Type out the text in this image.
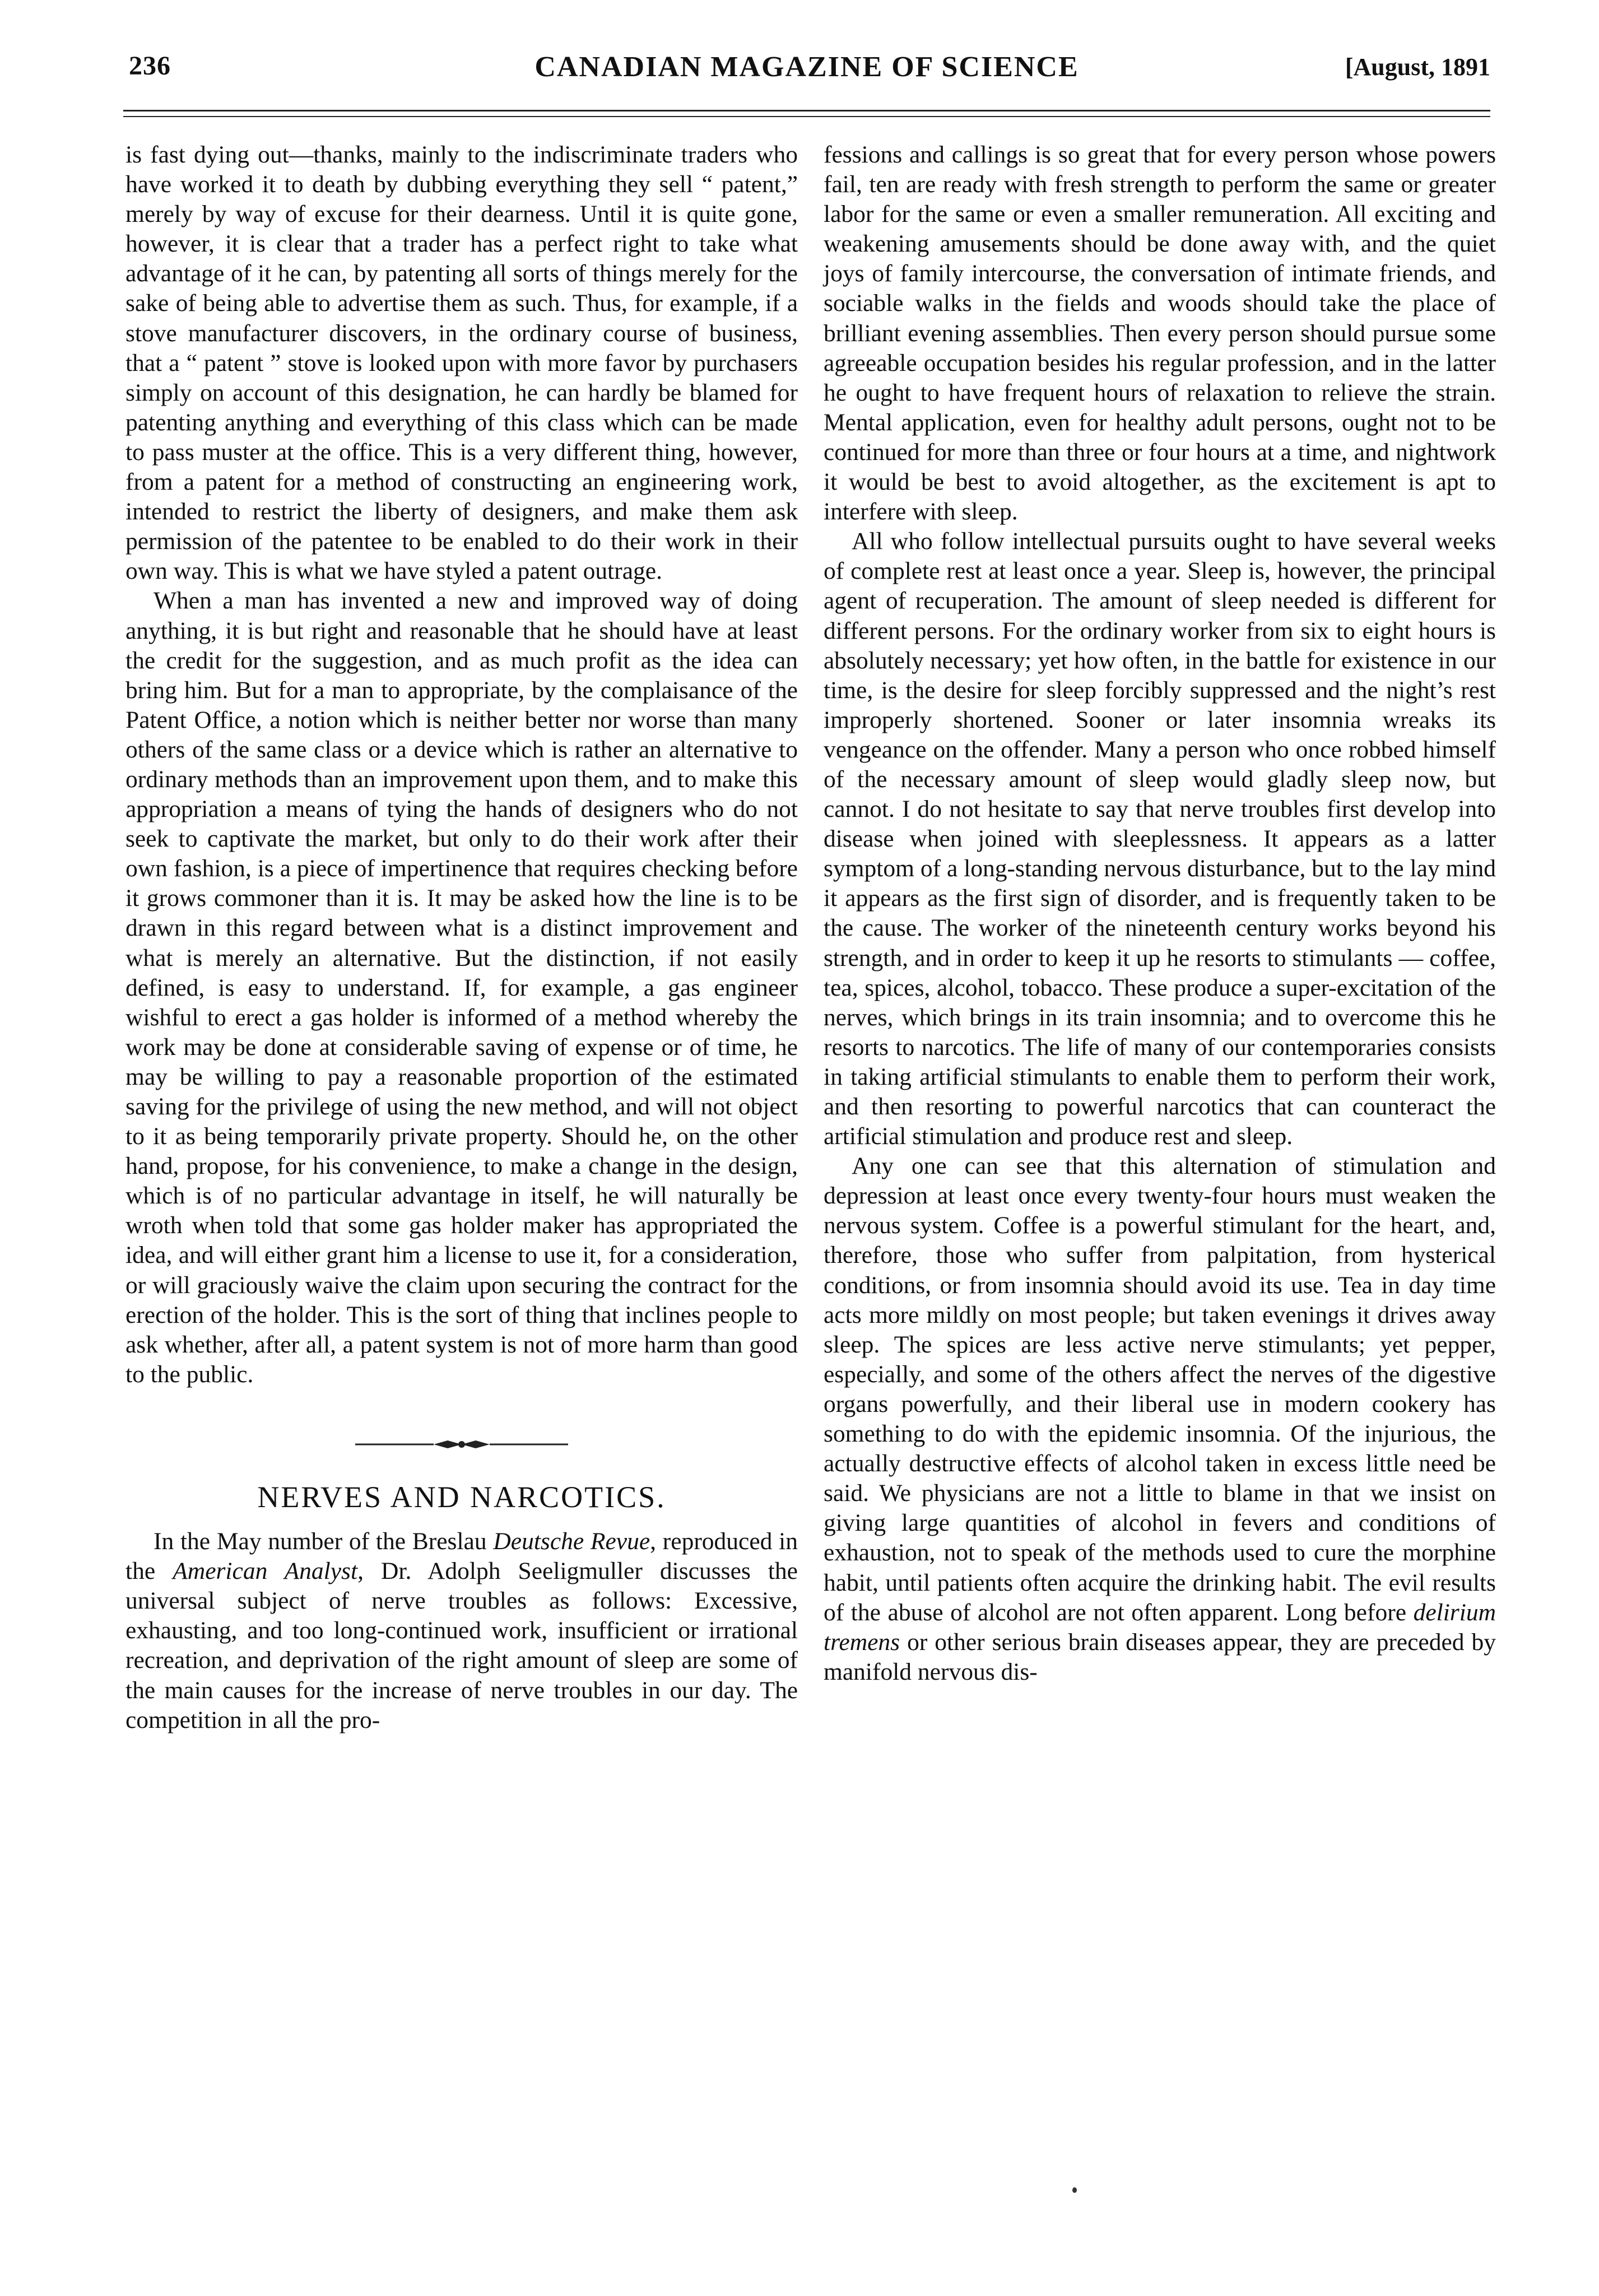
236	CANADIAN MAGAZINE OF SCIENCE	[August, 1891

is fast dying out—thanks, mainly to the indiscriminate traders who have worked it to death by dubbing everything they sell “ patent,” merely by way of excuse for their dearness. Until it is quite gone, however, it is clear that a trader has a perfect right to take what advantage of it he can, by patenting all sorts of things merely for the sake of being able to advertise them as such. Thus, for example, if a stove manufacturer discovers, in the ordinary course of business, that a “ patent ” stove is looked upon with more favor by purchasers simply on account of this designation, he can hardly be blamed for patenting anything and everything of this class which can be made to pass muster at the office. This is a very different thing, however, from a patent for a method of constructing an engineering work, intended to restrict the liberty of designers, and make them ask permission of the patentee to be enabled to do their work in their own way. This is what we have styled a patent outrage.

When a man has invented a new and improved way of doing anything, it is but right and reasonable that he should have at least the credit for the suggestion, and as much profit as the idea can bring him. But for a man to appropriate, by the complaisance of the Patent Office, a notion which is neither better nor worse than many others of the same class or a device which is rather an alternative to ordinary methods than an improvement upon them, and to make this appropriation a means of tying the hands of designers who do not seek to captivate the market, but only to do their work after their own fashion, is a piece of impertinence that requires checking before it grows commoner than it is. It may be asked how the line is to be drawn in this regard between what is a distinct improvement and what is merely an alternative. But the distinction, if not easily defined, is easy to understand. If, for example, a gas engineer wishful to erect a gas holder is informed of a method whereby the work may be done at considerable saving of expense or of time, he may be willing to pay a reasonable proportion of the estimated saving for the privilege of using the new method, and will not object to it as being temporarily private property. Should he, on the other hand, propose, for his convenience, to make a change in the design, which is of no particular advantage in itself, he will naturally be wroth when told that some gas holder maker has appropriated the idea, and will either grant him a license to use it, for a consideration, or will graciously waive the claim upon securing the contract for the erection of the holder. This is the sort of thing that inclines people to ask whether, after all, a patent system is not of more harm than good to the public.

NERVES AND NARCOTICS.

In the May number of the Breslau Deutsche Revue, reproduced in the American Analyst, Dr. Adolph Seeligmuller discusses the universal subject of nerve troubles as follows: Excessive, exhausting, and too long-continued work, insufficient or irrational recreation, and deprivation of the right amount of sleep are some of the main causes for the increase of nerve troubles in our day. The competition in all the pro-

fessions and callings is so great that for every person whose powers fail, ten are ready with fresh strength to perform the same or greater labor for the same or even a smaller remuneration. All exciting and weakening amusements should be done away with, and the quiet joys of family intercourse, the conversation of intimate friends, and sociable walks in the fields and woods should take the place of brilliant evening assemblies. Then every person should pursue some agreeable occupation besides his regular profession, and in the latter he ought to have frequent hours of relaxation to relieve the strain. Mental application, even for healthy adult persons, ought not to be continued for more than three or four hours at a time, and nightwork it would be best to avoid altogether, as the excitement is apt to interfere with sleep.

All who follow intellectual pursuits ought to have several weeks of complete rest at least once a year. Sleep is, however, the principal agent of recuperation. The amount of sleep needed is different for different persons. For the ordinary worker from six to eight hours is absolutely necessary; yet how often, in the battle for existence in our time, is the desire for sleep forcibly suppressed and the night’s rest improperly shortened. Sooner or later insomnia wreaks its vengeance on the offender. Many a person who once robbed himself of the necessary amount of sleep would gladly sleep now, but cannot. I do not hesitate to say that nerve troubles first develop into disease when joined with sleeplessness. It appears as a latter symptom of a long-standing nervous disturbance, but to the lay mind it appears as the first sign of disorder, and is frequently taken to be the cause. The worker of the nineteenth century works beyond his strength, and in order to keep it up he resorts to stimulants — coffee, tea, spices, alcohol, tobacco. These produce a super-excitation of the nerves, which brings in its train insomnia; and to overcome this he resorts to narcotics. The life of many of our contemporaries consists in taking artificial stimulants to enable them to perform their work, and then resorting to powerful narcotics that can counteract the artificial stimulation and produce rest and sleep.

Any one can see that this alternation of stimulation and depression at least once every twenty-four hours must weaken the nervous system. Coffee is a powerful stimulant for the heart, and, therefore, those who suffer from palpitation, from hysterical conditions, or from insomnia should avoid its use. Tea in day time acts more mildly on most people; but taken evenings it drives away sleep. The spices are less active nerve stimulants; yet pepper, especially, and some of the others affect the nerves of the digestive organs powerfully, and their liberal use in modern cookery has something to do with the epidemic insomnia. Of the injurious, the actually destructive effects of alcohol taken in excess little need be said. We physicians are not a little to blame in that we insist on giving large quantities of alcohol in fevers and conditions of exhaustion, not to speak of the methods used to cure the morphine habit, until patients often acquire the drinking habit. The evil results of the abuse of alcohol are not often apparent. Long before delirium tremens or other serious brain diseases appear, they are preceded by manifold nervous dis-
